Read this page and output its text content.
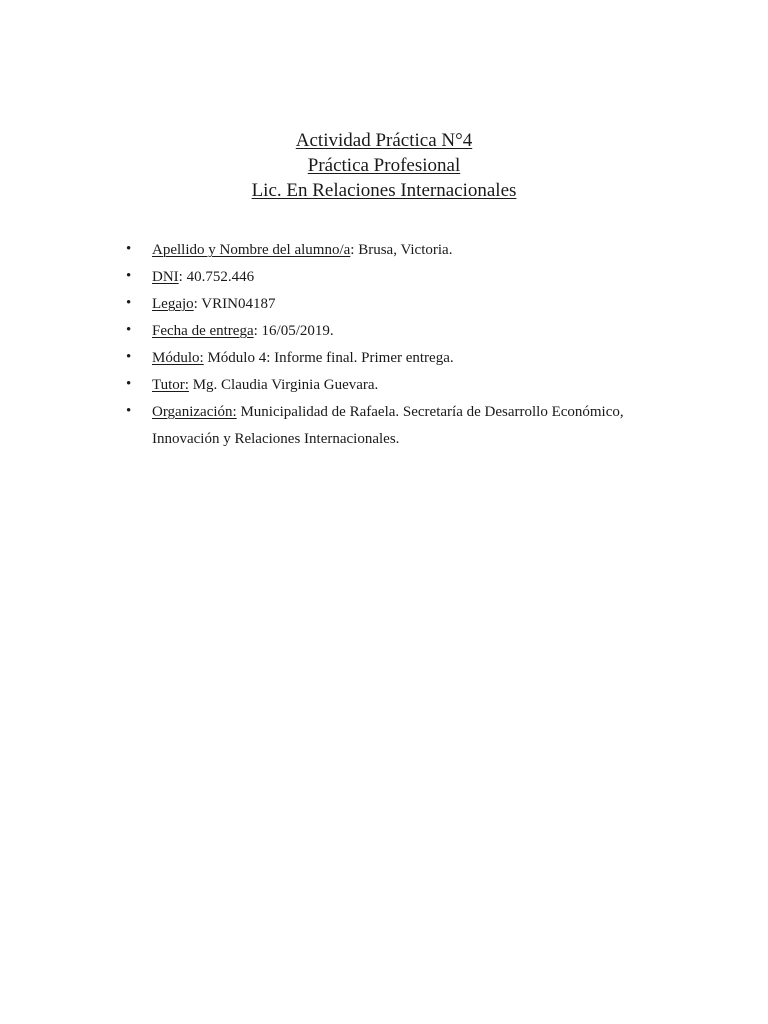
Actividad Práctica N°4
Práctica Profesional
Lic. En Relaciones Internacionales
• Apellido y Nombre del alumno/a: Brusa, Victoria.
• DNI: 40.752.446
• Legajo: VRIN04187
• Fecha de entrega: 16/05/2019.
• Módulo: Módulo 4: Informe final. Primer entrega.
• Tutor: Mg. Claudia Virginia Guevara.
• Organización: Municipalidad de Rafaela. Secretaría de Desarrollo Económico, Innovación y Relaciones Internacionales.
